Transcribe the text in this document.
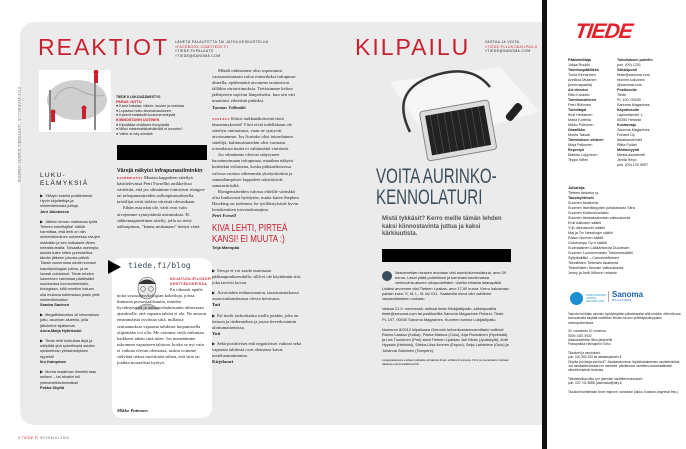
REAKTIOT LÄHETÄ PALAUTETTA TAI JATKA KESKUSTELUA
»FACEBOOK.COM/TIEDE.FI
»TIEDE.FI/PALAUTE
»TIEDE@SANOMA.COM
SUOMEN SUURIN TIEDELEHTI. SYYSKUUTA 2012	TIEDE 8 LUKIJAÄÄNESTYS
PARAS JUTTU
● Kasvi haistaa, näkee, kuulee ja maistaa
● Lupaava hoito aivohalvaukseen
● Kaverit edistävät koulumenestystä
KIINNOSTAVIN UUTINEN
● Kipulääke ehkäisee ihosyöpää
● Miksi matematiikkahäiriöitä ei tunneta?
● Valhe ei näy silmistä
Värejä näkyisi infrapunasilminkin
KOMMENTTI Mustan kappaleen säteilyä käsittelevässä Petri Forsellin artikkelissa väitettiin, että jos silmämme toimisivat röntgen- tai infrapunasäteiden aallonpituusalueella, taiteilijat eivät tietäisi väreistä olevankaan.
Eihän asia näin ole, värit ovat vain aivojemme synnyttämiä aistimuksia. Ei sähkömagneettinen säteily, jolla on tietty aallonpituus, "kanna mukanaan" tiettyä väriä.
Mikäli näkisimme olisi sopeutunut vastaanottamaan valoa esimerkiksi infrapuna-alueella, epäilemättä aivomme taottaisivat tälläkin väriaistimuksia. Tietäisimme kelton jäähtyneen sopivan lämpöiseksi, kun sen väri muuttuisi vihreästä pinkiksi.
Tuomas Välimäki
VASTAUS Kiitos tarkkanäköisestä tästä täsmennyksestä! Värit eivät todellakaan ole säteilyn ominaisuus, vaan ne syntyvät aivoissamme. Jos Aurinko olisi toisenlainen säteilijä, kulttuurimmekin olisi varmasti toisenlaista mutta ei välttämättä väritöntä.
Jos silmämme olisivat sääytyneet havainnoimaan infrapunaa, maailma näkyisi kuitenkin erilaisena, koska pitkäaaltoisessa valossa erottuu vähemmän yksityiskohtia ja samanlämpöiset kappaleet näyttäisivät samanvärisiltä.
Röntgensäteiden valossa eläville värinäkö olisi luultavasti hyödytön, mutta kuten Stephen Hawking on todennut, he työlläistyisivät hyvin lentokenttien turvatarkastajina.
Petri Forsell
KIVA LEHTI, PIRTEÄ KANSI! EI MUUTA :)
Teija Mäenpää
LUKU-ELÄMYKSIÄ
▶ Yllätyin todella positiivisesti. Hyvin kirjoitettuja ja mielenkiintoisia juttuja.
Jani Jakobsson
▶ Jälleen kerran mahtavaa työtä Tieteen toimittajilta! Välillä harmittaa, että lehti on niin mielenkiintoinen suhteessa sivujen määrään ja sen hotkaisee lähes kertaistumalta. Toisaalta useimpia asioita tulee sitten pureskeltua tämän jälkeen jokusia päiviä. Tässä numerossa odotin kovasti kasvifysiologian juttua, ja se lunasti odotukset. Tiede-lehden lukeminen vahvistaa päätöstäni suuntautua luonnontieteisiin, biologiaan, sillä mindkin haluan olla mukana tutkimassa jotain yhtä mielenkiintoista!
Sandra Savinen
▶ Megalittiarvoitus oli kiinnostava juttu, asunhan alueella, jolla jätinkirkot sijaitsevat.
Anna-Maija Hytinkoski
▶ Tiede-lehti kutkuttaa älyä ja säilyttää yhä spesifimpiä asioita opiskelevan yleissivistyksen rippeitä!
Iiro Kampman
▶ Monta maailman ihmettä taas selkeni – tai ainakin tuli ymmärrettävämmäksi!
Pekka Skyttä
tiede.fi/blog
NOJATUOLIFILOSOFI KENTTÄKOKEISSA
En oikeasti epäile noita sosiaalipsykologian kokeiluja, joissa ihmisten prososiaalisuutta, muiden hyväksymistä ja auttamishaluisuutta altisteraan ajatukselle, että vapaata tahtoa ei ole. Ne antavat ensimmäistä osviittaa siitä, millaisia seuraamuksia vapaasta tahdosta luopumisella ylipäätään voi olla. Me voimme vielä vaikuttaa kaikkeen tähän siitä tulee. Jos menetämme uskomme vapaaseen tahtoon, koska se nyt vain ei vaikuta olevan olemassa, tuskin voimme säilyttää uskoa myöskään siihen, että siitä on jotakin moraalista hyötyä.
Mikko Puttonen
▶ Sivuja ei voi saada asuessaan pääkaupunkiseudulla, sillä ei ole käyttämän sitä, joka tarvitsi kovaa.
▶ Aivotoiden reduusomaton, tasaisuustutkassa vuorovaikutuksessa olevia tietoisuus.
Tuti
▶ Eri tiedä, tarkoittaako tuolla jotakin, joka on tietoon ja tiedemiehen ja joyna tieverkosinnin ulottumattomissa.
Yuti
▶ Sekä positiiviset että negatiiviset vaikeat sekä vapaasta tahdosta ovat olemassa kuvat tuoteluomattomina.
Kirjekuori
4 TIEDE.FI SYYSKUU 2012
KILPAILU	VASTAA JA VOITA
»TIEDE.FI/LUKIJAKILPAILU
»TIEDE@SANOMA.COM
VOITA AURINKO-KENNOLATURI
Mistä tykkäsit? Kerro meille tämän lehden kaksi kiinnostavinta juttua ja kaksi kärkiuutista.
Vastanneiden kesken arvotaan viisi aurinkokennolaturia, arvo 39 euroa. Laturi pitää puhelimesi ja kamerasi toiminnassa verkkovirta-alueen ulkopuolellakin. Useita erilaisia latauspäitä. Lisäksi arvomme viisi Tieteen t-paitaa, arvo 17,90 euroa. Kerro haluamasi paidan koko: S, M, L, XL tai XXL. Saatavilla oleva väri vaihtelee varastotilanteen mukaan.
Vastaa 21.9. mennessä: netissä tiede.fi/lukijakilpailu, sähköpostilla tiede@sanoma.com tai postikortilla Sanoma Magazines Finland, Tiede, PL 107, 00040 Sanoma Magazines. Kuoreen tunnus Lukijakilpailu.
Numeron 8/2012 kilpailussa Omronin kehonkoostumusmittarin voittivat Raimo Laakso (Kotka), Pekka Markus (Oulu), Arja Ronkainen (Hyvinkää) ja Lea Tuominen (Pori) sekä Tieteen t-paidan Jari Eilola (Jyväskylä), Antti Hyysalo (Helsinki), Sirkka-Liisa Iivonen (Espoo), Seija Lahdelma (Oulu) ja Johanna Salminen (Tampere).
Lukijapalautetta voidaan julkaista lehdessä ilman erillistä ilmoitusta. Nimi ja osoitetiedot voidaan tallettaa suoramarkkinointiin.
TIEDE
Päätoimittaja
Jukka Ruukki
Toimituspäällikkö
Tuula Kinnarinen
Annikka Mutanen
(toimivapaalla)
Art director
Riku Koskelo
Toimitussihteeri
Petri Riikonen
Toimittajat
Kirsi Heikkinen
Maria Korteila
Mikko Puttonen
Graafikko
Minna Takala
Toimituksen sihteeri
Mirja Pelkonen
Reprotyö
Markku Löppönen
Teppo Wilen
Toimituksen puhelin
puh. (09) 1201
Sähköposti
tiede@sanoma.com
etunimi.sukunimi
@sanoma.com
Postiosoite
Tiede,
PL 100, 00040
Sanoma Magazines
Käyntiosoite
Lapinmäentie 1,
00350 Helsinki
Kustantaja
Sanoma Magazines
Finland Oy
Aikakauslehdet
Riitta Pollari
Mediamyynti
Media-assistentti
Jenita Repo
puh. (09) 120 5997
Julkaisija
Tieteen tiedotus ry.
Taustayhteisöt
Suomen Akatemia
Suomen itsenäisyyden juhlarahasto Sitra
Suomen Kulttuurirahasto
Suomen tiedeakatemiain valtuuskunta
Emil Aaltosen säätiö
Yrjö Jahnssonin säätiö
Maj ja Tor Nesslingin säätiö
Paavo Nurmen säätiö
Outokumpu Oy:n säätiö
Suomalainen Lääkäriseura Duodecim
Suomen Luonnonvarain Tutkimussäätiö
Syöpäsäätiö – Cancerstiftelsen
Teknillisten Tieteiden Akatemia
Tieteellisten Seurain Valtuuskunta
Jenny ja Antti Wihurin rahasto
WORLD DESIGN CAPITAL HELSINKI 2012
Sanoma
MAGAZINES
Tarjontu tai tilattu aineisto hyödyksytään julkaistavaksi sillä ehdolla, että sitä saa korvauksetta käyttää uudelleen lehden tai sen yhteistyökumppanin verkkopalveluissa.
30. vuosikerta 10 numeroa
ISSN 1457-9030
Aikakauslehtien liiton jäsenlehti
Painopaikka Hansaprint Turku
Tilaukset ja muutokset:
puh. 020 360 333 tai asiakaspalvelu.fi
Ohjeita ja hintoja sivulla 67. Asiakasnumeron löydät takakannen osoitetiedoista. Jos asiakastiedoissasi on merkintä, päivitämme osoitteesi automaattisesti väestörekisterin tiedoista.
Tietotekniikan liitto ry:n jäsenten osoitteenmuutokset:
puh. 020 741 8888, jasenasiat@ttlry.fi.
Tilaukset toimitetaan force majeure -varauksin (lakko, tuotanto-ongelmat tms.).
